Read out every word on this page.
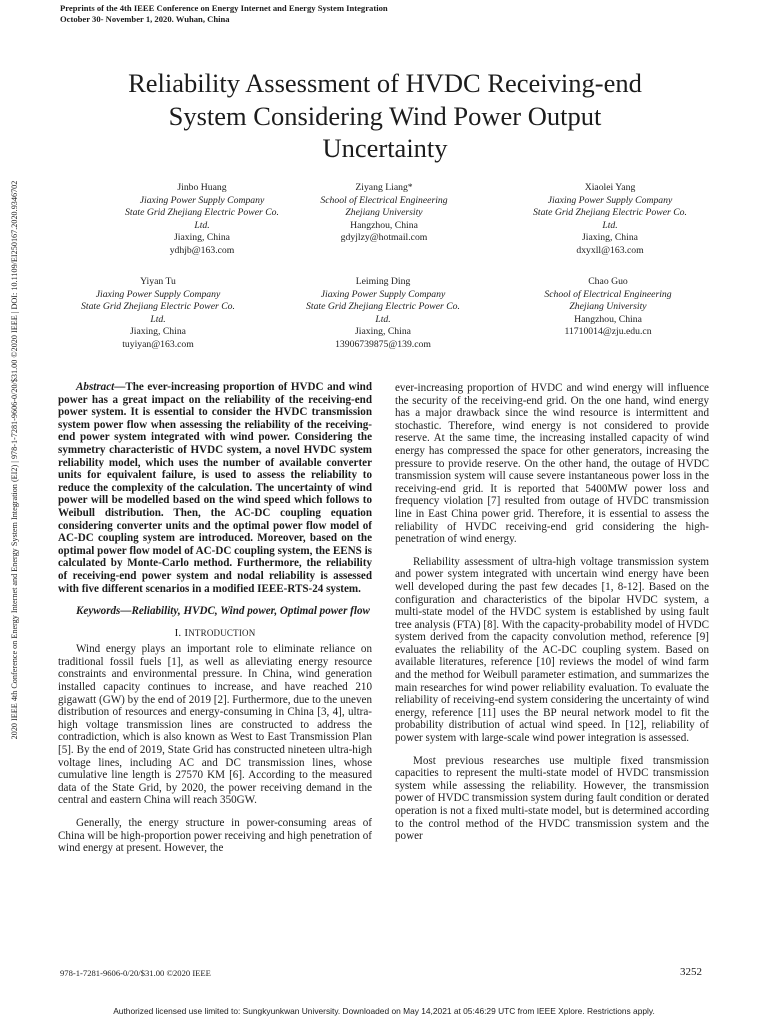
Preprints of the 4th IEEE Conference on Energy Internet and Energy System Integration
October 30- November 1, 2020. Wuhan, China
Reliability Assessment of HVDC Receiving-end
System Considering Wind Power Output
Uncertainty
2020 IEEE 4th Conference on Energy Internet and Energy System Integration (EI2) | 978-1-7281-9606-0/20/$31.00 ©2020 IEEE | DOI: 10.1109/EI250167.2020.9346702	Jinbo Huang
Jiaxing Power Supply Company
State Grid Zhejiang Electric Power Co.
Ltd.
Jiaxing, China
ydhjb@163.com
Ziyang Liang*
School of Electrical Engineering
Zhejiang University
Hangzhou, China
gdyjlzy@hotmail.com
Xiaolei Yang
Jiaxing Power Supply Company
State Grid Zhejiang Electric Power Co.
Ltd.
Jiaxing, China
dxyxll@163.com
Yiyan Tu
Jiaxing Power Supply Company
State Grid Zhejiang Electric Power Co.
Ltd.
Jiaxing, China
tuyiyan@163.com
Leiming Ding
Jiaxing Power Supply Company
State Grid Zhejiang Electric Power Co.
Ltd.
Jiaxing, China
13906739875@139.com
Chao Guo
School of Electrical Engineering
Zhejiang University
Hangzhou, China
11710014@zju.edu.cn

Abstract—The ever-increasing proportion of HVDC and wind power has a great impact on the reliability of the receiving-end power system. It is essential to consider the HVDC transmission system power flow when assessing the reliability of the receiving-end power system integrated with wind power. Considering the symmetry characteristic of HVDC system, a novel HVDC system reliability model, which uses the number of available converter units for equivalent failure, is used to assess the reliability to reduce the complexity of the calculation. The uncertainty of wind power will be modelled based on the wind speed which follows to Weibull distribution. Then, the AC-DC coupling equation considering converter units and the optimal power flow model of AC-DC coupling system are introduced. Moreover, based on the optimal power flow model of AC-DC coupling system, the EENS is calculated by Monte-Carlo method. Furthermore, the reliability of receiving-end power system and nodal reliability is assessed with five different scenarios in a modified IEEE-RTS-24 system.

Keywords—Reliability, HVDC, Wind power, Optimal power flow

I. INTRODUCTION

Wind energy plays an important role to eliminate reliance on traditional fossil fuels [1], as well as alleviating energy resource constraints and environmental pressure. In China, wind generation installed capacity continues to increase, and have reached 210 gigawatt (GW) by the end of 2019 [2]. Furthermore, due to the uneven distribution of resources and energy-consuming in China [3, 4], ultra-high voltage transmission lines are constructed to address the contradiction, which is also known as West to East Transmission Plan [5]. By the end of 2019, State Grid has constructed nineteen ultra-high voltage lines, including AC and DC transmission lines, whose cumulative line length is 27570 KM [6]. According to the measured data of the State Grid, by 2020, the power receiving demand in the central and eastern China will reach 350GW.

Generally, the energy structure in power-consuming areas of China will be high-proportion power receiving and high penetration of wind energy at present. However, the

ever-increasing proportion of HVDC and wind energy will influence the security of the receiving-end grid. On the one hand, wind energy has a major drawback since the wind resource is intermittent and stochastic. Therefore, wind energy is not considered to provide reserve. At the same time, the increasing installed capacity of wind energy has compressed the space for other generators, increasing the pressure to provide reserve. On the other hand, the outage of HVDC transmission system will cause severe instantaneous power loss in the receiving-end grid. It is reported that 5400MW power loss and frequency violation [7] resulted from outage of HVDC transmission line in East China power grid. Therefore, it is essential to assess the reliability of HVDC receiving-end grid considering the high-penetration of wind energy.

Reliability assessment of ultra-high voltage transmission system and power system integrated with uncertain wind energy have been well developed during the past few decades [1, 8-12]. Based on the configuration and characteristics of the bipolar HVDC system, a multi-state model of the HVDC system is established by using fault tree analysis (FTA) [8]. With the capacity-probability model of HVDC system derived from the capacity convolution method, reference [9] evaluates the reliability of the AC-DC coupling system. Based on available literatures, reference [10] reviews the model of wind farm and the method for Weibull parameter estimation, and summarizes the main researches for wind power reliability evaluation. To evaluate the reliability of receiving-end system considering the uncertainty of wind energy, reference [11] uses the BP neural network model to fit the probability distribution of actual wind speed. In [12], reliability of power system with large-scale wind power integration is assessed.

Most previous researches use multiple fixed transmission capacities to represent the multi-state model of HVDC transmission system while assessing the reliability. However, the transmission power of HVDC transmission system during fault condition or derated operation is not a fixed multi-state model, but is determined according to the control method of the HVDC transmission system and the power

978-1-7281-9606-0/20/$31.00 ©2020 IEEE	3252
Authorized licensed use limited to: Sungkyunkwan University. Downloaded on May 14,2021 at 05:46:29 UTC from IEEE Xplore. Restrictions apply.
